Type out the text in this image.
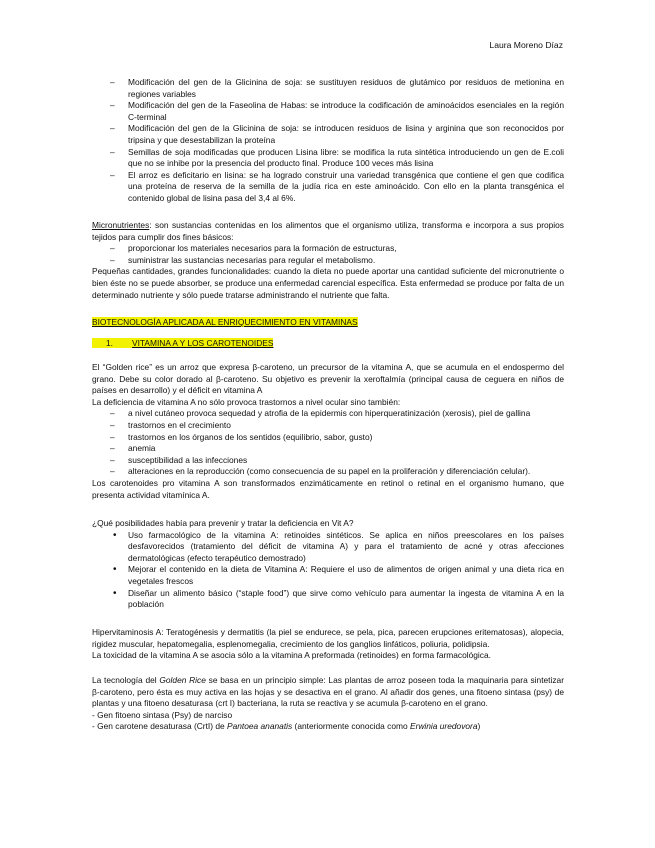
Laura Moreno Díaz
– Modificación del gen de la Glicinina de soja: se sustituyen residuos de glutámico por residuos de metionina en regiones variables
– Modificación del gen de la Faseolina de Habas: se introduce la codificación de aminoácidos esenciales en la región C-terminal
– Modificación del gen de la Glicinina de soja: se introducen residuos de lisina y arginina que son reconocidos por tripsina y que desestabilizan la proteína
– Semillas de soja modificadas que producen Lisina libre: se modifica la ruta sintética introduciendo un gen de E.coli que no se inhibe por la presencia del producto final. Produce 100 veces más lisina
– El arroz es deficitario en lisina: se ha logrado construir una variedad transgénica que contiene el gen que codifica una proteína de reserva de la semilla de la judía rica en este aminoácido. Con ello en la planta transgénica el contenido global de lisina pasa del 3,4 al 6%.

Micronutrientes: son sustancias contenidas en los alimentos que el organismo utiliza, transforma e incorpora a sus propios tejidos para cumplir dos fines básicos:

– proporcionar los materiales necesarios para la formación de estructuras,
– suministrar las sustancias necesarias para regular el metabolismo.

Pequeñas cantidades, grandes funcionalidades: cuando la dieta no puede aportar una cantidad suficiente del micronutriente o bien éste no se puede absorber, se produce una enfermedad carencial específica. Esta enfermedad se produce por falta de un determinado nutriente y sólo puede tratarse administrando el nutriente que falta.

BIOTECNOLOGÍA APLICADA AL ENRIQUECIMIENTO EN VITAMINAS
1. VITAMINA A Y LOS CAROTENOIDES

El “Golden rice” es un arroz que expresa β-caroteno, un precursor de la vitamina A, que se acumula en el endospermo del grano. Debe su color dorado al β-caroteno. Su objetivo es prevenir la xeroftalmía (principal causa de ceguera en niños de países en desarrollo) y el déficit en vitamina A

La deficiencia de vitamina A no sólo provoca trastornos a nivel ocular sino también:

– a nivel cutáneo provoca sequedad y atrofia de la epidermis con hiperqueratinización (xerosis), piel de gallina
– trastornos en el crecimiento
– trastornos en los órganos de los sentidos (equilibrio, sabor, gusto)
– anemia
– susceptibilidad a las infecciones
– alteraciones en la reproducción (como consecuencia de su papel en la proliferación y diferenciación celular).

Los carotenoides pro vitamina A son transformados enzimáticamente en retinol o retinal en el organismo humano, que presenta actividad vitamínica A.

¿Qué posibilidades había para prevenir y tratar la deficiencia en Vit A?

• Uso farmacológico de la vitamina A: retinoides sintéticos. Se aplica en niños preescolares en los países desfavorecidos (tratamiento del déficit de vitamina A) y para el tratamiento de acné y otras afecciones dermatológicas (efecto terapéutico demostrado)
• Mejorar el contenido en la dieta de Vitamina A: Requiere el uso de alimentos de origen animal y una dieta rica en vegetales frescos
• Diseñar un alimento básico (“staple food”) que sirve como vehículo para aumentar la ingesta de vitamina A en la población

Hipervitaminosis A: Teratogénesis y dermatitis (la piel se endurece, se pela, pica, parecen erupciones eritematosas), alopecia, rigidez muscular, hepatomegalia, esplenomegalia, crecimiento de los ganglios linfáticos, poliuria, polidipsia.

La toxicidad de la vitamina A se asocia sólo a la vitamina A preformada (retinoides) en forma farmacológica.

La tecnología del Golden Rice se basa en un principio simple: Las plantas de arroz poseen toda la maquinaria para sintetizar β-caroteno, pero ésta es muy activa en las hojas y se desactiva en el grano. Al añadir dos genes, una fitoeno sintasa (psy) de plantas y una fitoeno desaturasa (crt I) bacteriana, la ruta se reactiva y se acumula β-caroteno en el grano.

- Gen fitoeno sintasa (Psy) de narciso

- Gen carotene desaturasa (CrtI) de Pantoea ananatis (anteriormente conocida como Erwinia uredovora)
